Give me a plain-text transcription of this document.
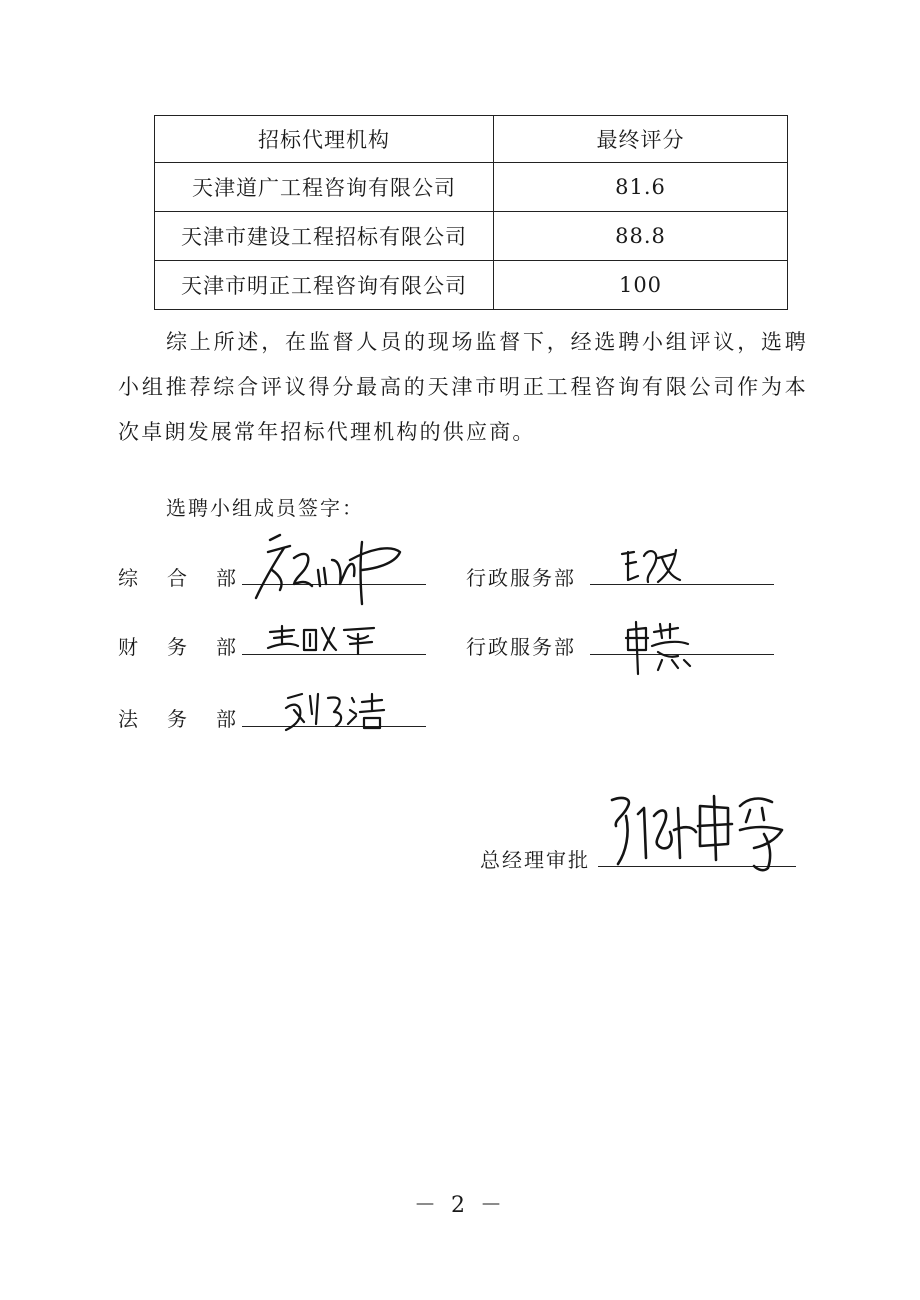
招标代理机构	最终评分
天津道广工程咨询有限公司	81.6
天津市建设工程招标有限公司	88.8
天津市明正工程咨询有限公司	100

综上所述，在监督人员的现场监督下，经选聘小组评议，选聘小组推荐综合评议得分最高的天津市明正工程咨询有限公司作为本次卓朗发展常年招标代理机构的供应商。

选聘小组成员签字：
综合部	行政服务部
财务部	行政服务部
法务部
总经理审批
－ 2 －
